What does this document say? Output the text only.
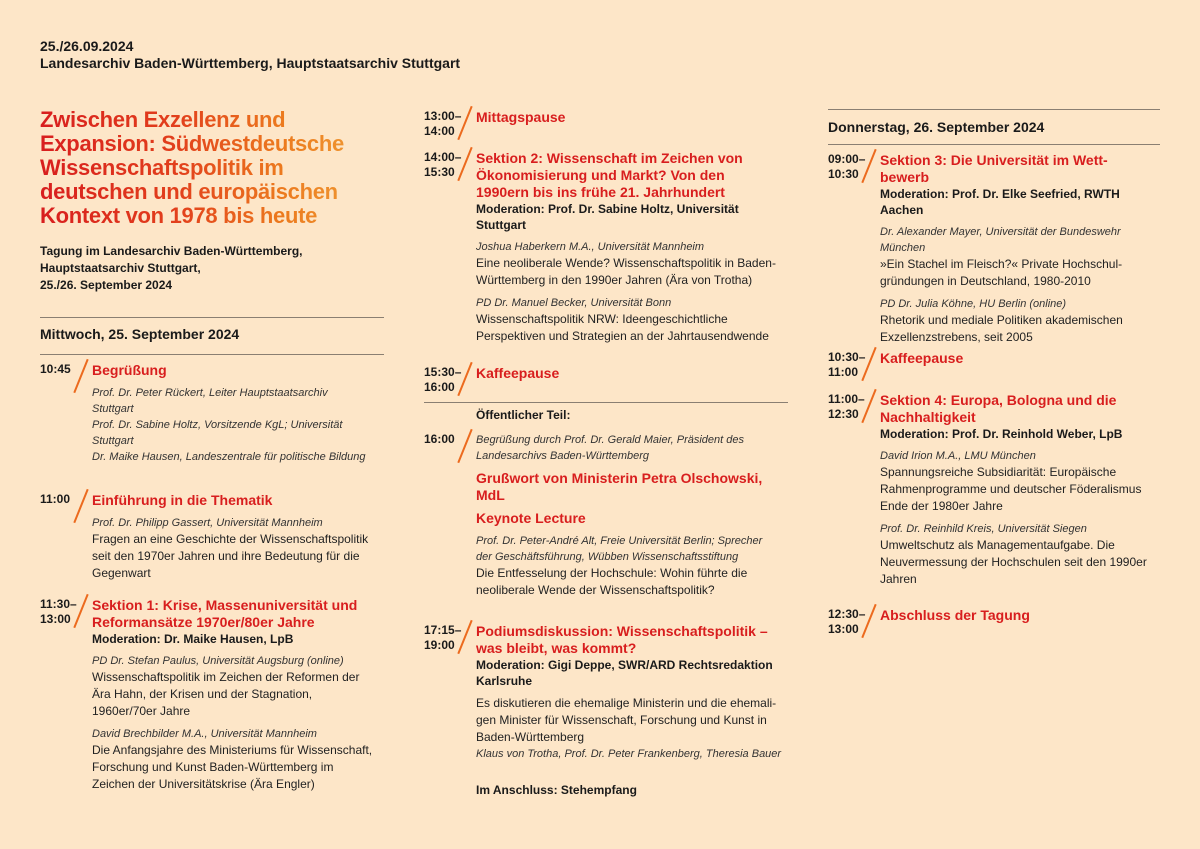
25./26.09.2024
Landesarchiv Baden-Württemberg, Hauptstaatsarchiv Stuttgart
Zwischen Exzellenz und
Expansion: Südwestdeutsche
Wissenschaftspolitik im
deutschen und europäischen
Kontext von 1978 bis heute
Tagung im Landesarchiv Baden-Württemberg,
Hauptstaatsarchiv Stuttgart,
25./26. September 2024
Mittwoch, 25. September 2024
10:45 Begrüßung
Prof. Dr. Peter Rückert, Leiter Hauptstaatsarchiv
Stuttgart
Prof. Dr. Sabine Holtz, Vorsitzende KgL; Universität
Stuttgart
Dr. Maike Hausen, Landeszentrale für politische Bildung
11:00 Einführung in die Thematik
Prof. Dr. Philipp Gassert, Universität Mannheim
Fragen an eine Geschichte der Wissenschaftspolitik
seit den 1970er Jahren und ihre Bedeutung für die
Gegenwart
11:30–
13:00
Sektion 1: Krise, Massenuniversität und
Reformansätze 1970er/80er Jahre
Moderation: Dr. Maike Hausen, LpB
PD Dr. Stefan Paulus, Universität Augsburg (online)
Wissenschaftspolitik im Zeichen der Reformen der
Ära Hahn, der Krisen und der Stagnation,
1960er/70er Jahre
David Brechbilder M.A., Universität Mannheim
Die Anfangsjahre des Ministeriums für Wissenschaft,
Forschung und Kunst Baden-Württemberg im
Zeichen der Universitätskrise (Ära Engler)
13:00–
14:00
Mittagspause
14:00–
15:30
Sektion 2: Wissenschaft im Zeichen von
Ökonomisierung und Markt? Von den
1990ern bis ins frühe 21. Jahrhundert
Moderation: Prof. Dr. Sabine Holtz, Universität
Stuttgart
Joshua Haberkern M.A., Universität Mannheim
Eine neoliberale Wende? Wissenschaftspolitik in Baden-
Württemberg in den 1990er Jahren (Ära von Trotha)
PD Dr. Manuel Becker, Universität Bonn
Wissenschaftspolitik NRW: Ideengeschichtliche
Perspektiven und Strategien an der Jahrtausendwende
15:30–
16:00
Kaffeepause
Öffentlicher Teil:
16:00 Begrüßung durch Prof. Dr. Gerald Maier, Präsident des
Landesarchivs Baden-Württemberg
Grußwort von Ministerin Petra Olschowski,
MdL
Keynote Lecture
Prof. Dr. Peter-André Alt, Freie Universität Berlin; Sprecher
der Geschäftsführung, Wübben Wissenschaftsstiftung
Die Entfesselung der Hochschule: Wohin führte die
neoliberale Wende der Wissenschaftspolitik?
17:15–
19:00
Podiumsdiskussion: Wissenschaftspolitik –
was bleibt, was kommt?
Moderation: Gigi Deppe, SWR/ARD Rechtsredaktion
Karlsruhe
Es diskutieren die ehemalige Ministerin und die ehemali-
gen Minister für Wissenschaft, Forschung und Kunst in
Baden-Württemberg
Klaus von Trotha, Prof. Dr. Peter Frankenberg, Theresia Bauer
Im Anschluss: Stehempfang
Donnerstag, 26. September 2024
09:00–
10:30
Sektion 3: Die Universität im Wett-
bewerb
Moderation: Prof. Dr. Elke Seefried, RWTH Aachen
Dr. Alexander Mayer, Universität der Bundeswehr
München
»Ein Stachel im Fleisch?« Private Hochschul-
gründungen in Deutschland, 1980-2010
PD Dr. Julia Köhne, HU Berlin (online)
Rhetorik und mediale Politiken akademischen
Exzellenzstrebens, seit 2005
10:30–
11:00
Kaffeepause
11:00–
12:30
Sektion 4: Europa, Bologna und die
Nachhaltigkeit
Moderation: Prof. Dr. Reinhold Weber, LpB
David Irion M.A., LMU München
Spannungsreiche Subsidiarität: Europäische
Rahmenprogramme und deutscher Föderalismus
Ende der 1980er Jahre
Prof. Dr. Reinhild Kreis, Universität Siegen
Umweltschutz als Managementaufgabe. Die
Neuvermessung der Hochschulen seit den 1990er
Jahren
12:30–
13:00
Abschluss der Tagung
